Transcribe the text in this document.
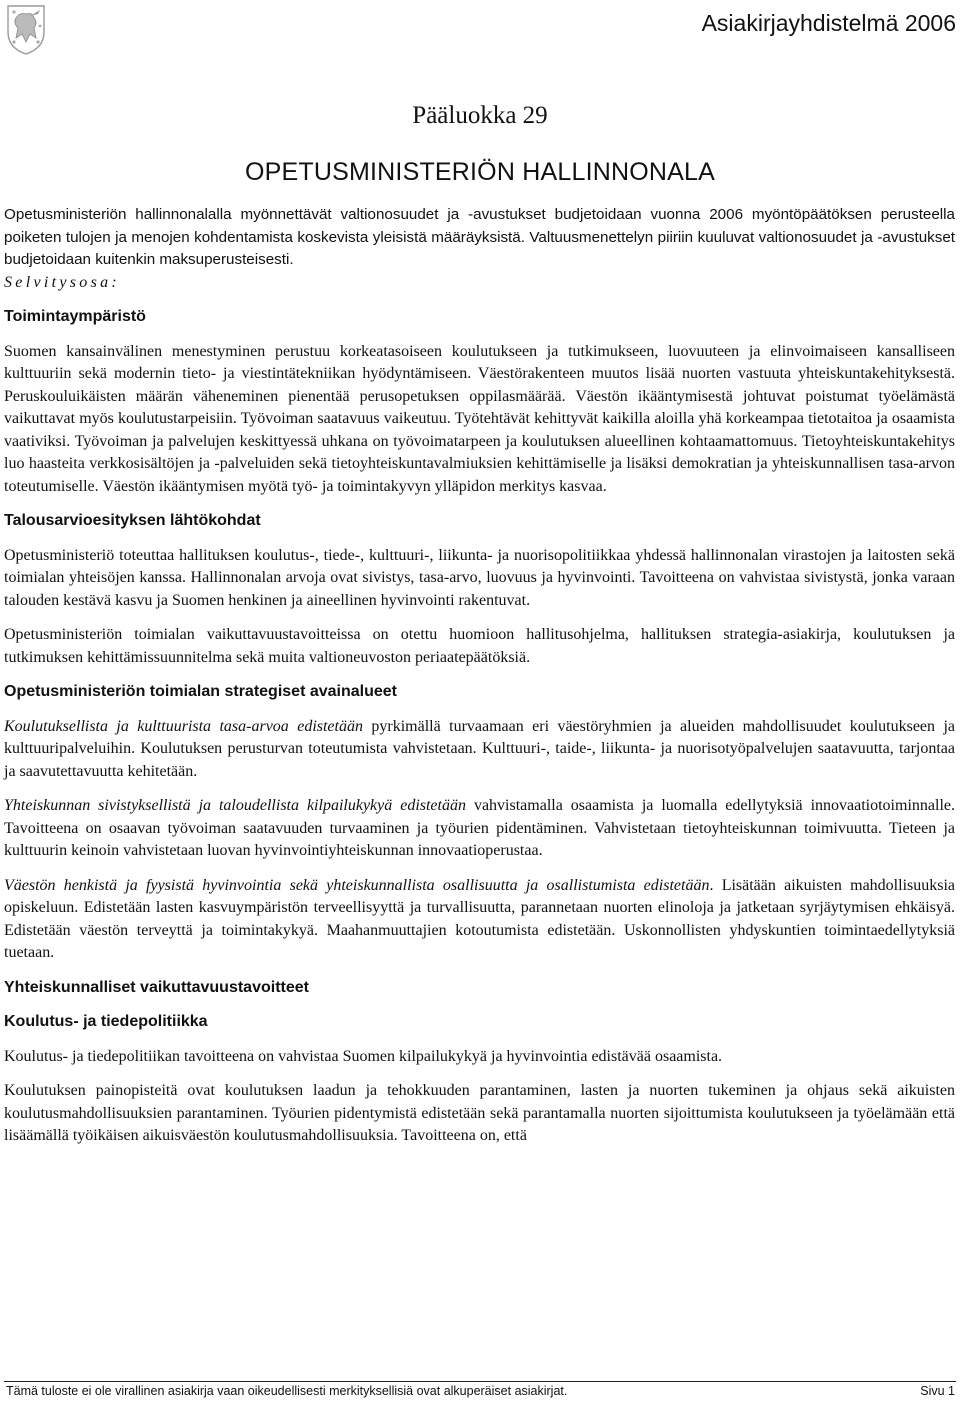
Asiakirjayhdistelmä 2006
Pääluokka 29
OPETUSMINISTERIÖN HALLINNONALA

Opetusministeriön hallinnonalalla myönnettävät valtionosuudet ja -avustukset budjetoidaan vuonna 2006 myöntöpäätöksen perusteella poiketen tulojen ja menojen kohdentamista koskevista yleisistä määräyksistä. Valtuusmenettelyn piiriin kuuluvat valtionosuudet ja -avustukset budjetoidaan kuitenkin maksuperusteisesti.

Selvitysosa:

Toimintaympäristö

Suomen kansainvälinen menestyminen perustuu korkeatasoiseen koulutukseen ja tutkimukseen, luovuuteen ja elinvoimaiseen kansalliseen kulttuuriin sekä modernin tieto- ja viestintätekniikan hyödyntämiseen. Väestörakenteen muutos lisää nuorten vastuuta yhteiskuntakehityksestä. Peruskouluikäisten määrän väheneminen pienentää perusopetuksen oppilasmäärää. Väestön ikääntymisestä johtuvat poistumat työelämästä vaikuttavat myös koulutustarpeisiin. Työvoiman saatavuus vaikeutuu. Työtehtävät kehittyvät kaikilla aloilla yhä korkeampaa tietotaitoa ja osaamista vaativiksi. Työvoiman ja palvelujen keskittyessä uhkana on työvoimatarpeen ja koulutuksen alueellinen kohtaamattomuus. Tietoyhteiskuntakehitys luo haasteita verkkosisältöjen ja -palveluiden sekä tietoyhteiskuntavalmiuksien kehittämiselle ja lisäksi demokratian ja yhteiskunnallisen tasa-arvon toteutumiselle. Väestön ikääntymisen myötä työ- ja toimintakyvyn ylläpidon merkitys kasvaa.

Talousarvioesityksen lähtökohdat

Opetusministeriö toteuttaa hallituksen koulutus-, tiede-, kulttuuri-, liikunta- ja nuorisopolitiikkaa yhdessä hallinnonalan virastojen ja laitosten sekä toimialan yhteisöjen kanssa. Hallinnonalan arvoja ovat sivistys, tasa-arvo, luovuus ja hyvinvointi. Tavoitteena on vahvistaa sivistystä, jonka varaan talouden kestävä kasvu ja Suomen henkinen ja aineellinen hyvinvointi rakentuvat.

Opetusministeriön toimialan vaikuttavuustavoitteissa on otettu huomioon hallitusohjelma, hallituksen strategia-asiakirja, koulutuksen ja tutkimuksen kehittämissuunnitelma sekä muita valtioneuvoston periaatepäätöksiä.

Opetusministeriön toimialan strategiset avainalueet

Koulutuksellista ja kulttuurista tasa-arvoa edistetään pyrkimällä turvaamaan eri väestöryhmien ja alueiden mahdollisuudet koulutukseen ja kulttuuripalveluihin. Koulutuksen perusturvan toteutumista vahvistetaan. Kulttuuri-, taide-, liikunta- ja nuorisotyöpalvelujen saatavuutta, tarjontaa ja saavutettavuutta kehitetään.

Yhteiskunnan sivistyksellistä ja taloudellista kilpailukykyä edistetään vahvistamalla osaamista ja luomalla edellytyksiä innovaatiotoiminnalle. Tavoitteena on osaavan työvoiman saatavuuden turvaaminen ja työurien pidentäminen. Vahvistetaan tietoyhteiskunnan toimivuutta. Tieteen ja kulttuurin keinoin vahvistetaan luovan hyvinvointiyhteiskunnan innovaatioperustaa.

Väestön henkistä ja fyysistä hyvinvointia sekä yhteiskunnallista osallisuutta ja osallistumista edistetään. Lisätään aikuisten mahdollisuuksia opiskeluun. Edistetään lasten kasvuympäristön terveellisyyttä ja turvallisuutta, parannetaan nuorten elinoloja ja jatketaan syrjäytymisen ehkäisyä. Edistetään väestön terveyttä ja toimintakykyä. Maahanmuuttajien kotoutumista edistetään. Uskonnollisten yhdyskuntien toimintaedellytyksiä tuetaan.

Yhteiskunnalliset vaikuttavuustavoitteet
Koulutus- ja tiedepolitiikka

Koulutus- ja tiedepolitiikan tavoitteena on vahvistaa Suomen kilpailukykyä ja hyvinvointia edistävää osaamista.

Koulutuksen painopisteitä ovat koulutuksen laadun ja tehokkuuden parantaminen, lasten ja nuorten tukeminen ja ohjaus sekä aikuisten koulutusmahdollisuuksien parantaminen. Työurien pidentymistä edistetään sekä parantamalla nuorten sijoittumista koulutukseen ja työelämään että lisäämällä työikäisen aikuisväestön koulutusmahdollisuuksia. Tavoitteena on, että

Tämä tuloste ei ole virallinen asiakirja vaan oikeudellisesti merkityksellisiä ovat alkuperäiset asiakirjat.	Sivu 1
